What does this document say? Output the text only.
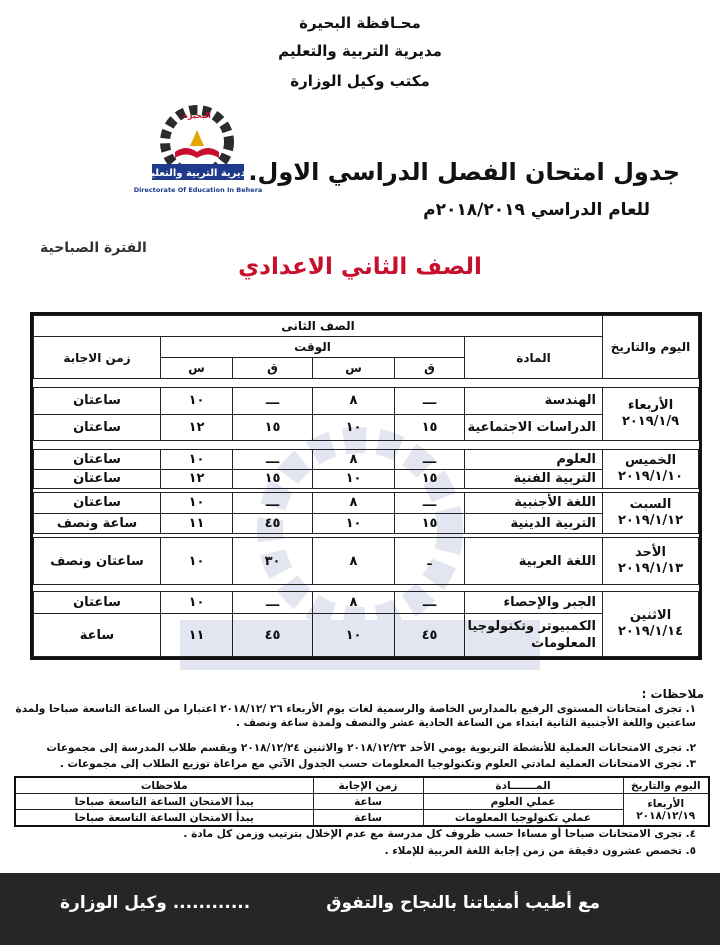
محـافظة البحيرة
مديرية التربية والتعليم
مكتب وكيل الوزارة
البحيرة
مديرية التربية والتعليم
Directorate Of Education In Behera
جدول امتحان الفصل الدراسي الاول.
للعام الدراسي ٢٠١٨/٢٠١٩م
الفترة الصباحية
الصف الثاني الاعدادي
اليوم والتاريخ	الصف الثانى					
	المادة	الوقت				زمن الاجابة
		ق	س	ق	س	

الأربعاء
٢٠١٩/١/٩	الهندسة	ـــ	٨	ـــ	١٠	ساعتان
	الدراسات الاجتماعية	١٥	١٠	١٥	١٢	ساعتان

الخميس
٢٠١٩/١/١٠	العلوم	ـــ	٨	ـــ	١٠	ساعتان
	التربية الفنية	١٥	١٠	١٥	١٢	ساعتان

السبت
٢٠١٩/١/١٢	اللغة الأجنبية	ـــ	٨	ـــ	١٠	ساعتان
	التربية الدينية	١٥	١٠	٤٥	١١	ساعة ونصف

الأحد
٢٠١٩/١/١٣	اللغة العربية	ـ	٨	٣٠	١٠	ساعتان ونصف

الاثنين
٢٠١٩/١/١٤	الجبر والإحصاء	ـــ	٨	ـــ	١٠	ساعتان
	الكمبيوتر وتكنولوجيا المعلومات	٤٥	١٠	٤٥	١١	ساعة
ملاحظات :
١. تجرى امتحانات المستوى الرفيع بالمدارس الخاصة والرسمية لغات يوم الأربعاء ٢٦ /٢٠١٨/١٢ اعتبارا من الساعة التاسعة صباحا ولمدة ساعتين واللغة الأجنبية الثانية ابتداء من الساعة الحادية عشر والنصف ولمدة ساعة ونصف .
٢. تجرى الامتحانات العملية للأنشطة التربوية يومي الأحد ٢٠١٨/١٢/٢٣ والاثنين ٢٠١٨/١٢/٢٤ ويقسم طلاب المدرسة إلى مجموعات
٣. تجرى الامتحانات العملية لمادتي العلوم وتكنولوجيا المعلومات حسب الجدول الآتي مع مراعاة توزيع الطلاب إلى مجموعات .
اليوم والتاريخ	المـــــــادة	زمن الإجابة	ملاحظات

الأربعاء
٢٠١٨/١٢/١٩	عملي العلوم	ساعة	يبدأ الامتحان الساعة التاسعة صباحا
	عملي تكنولوجيا المعلومات	ساعة	يبدأ الامتحان الساعة التاسعة صباحا
٤. تجرى الامتحانات صباحا أو مساءا حسب ظروف كل مدرسة مع عدم الإخلال بترتيب وزمن كل مادة .
٥. تخصص عشرون دقيقة من زمن إجابة اللغة العربية للإملاء .
مع أطيب أمنياتنا بالنجاح والتفوق
............ وكيل الوزارة
